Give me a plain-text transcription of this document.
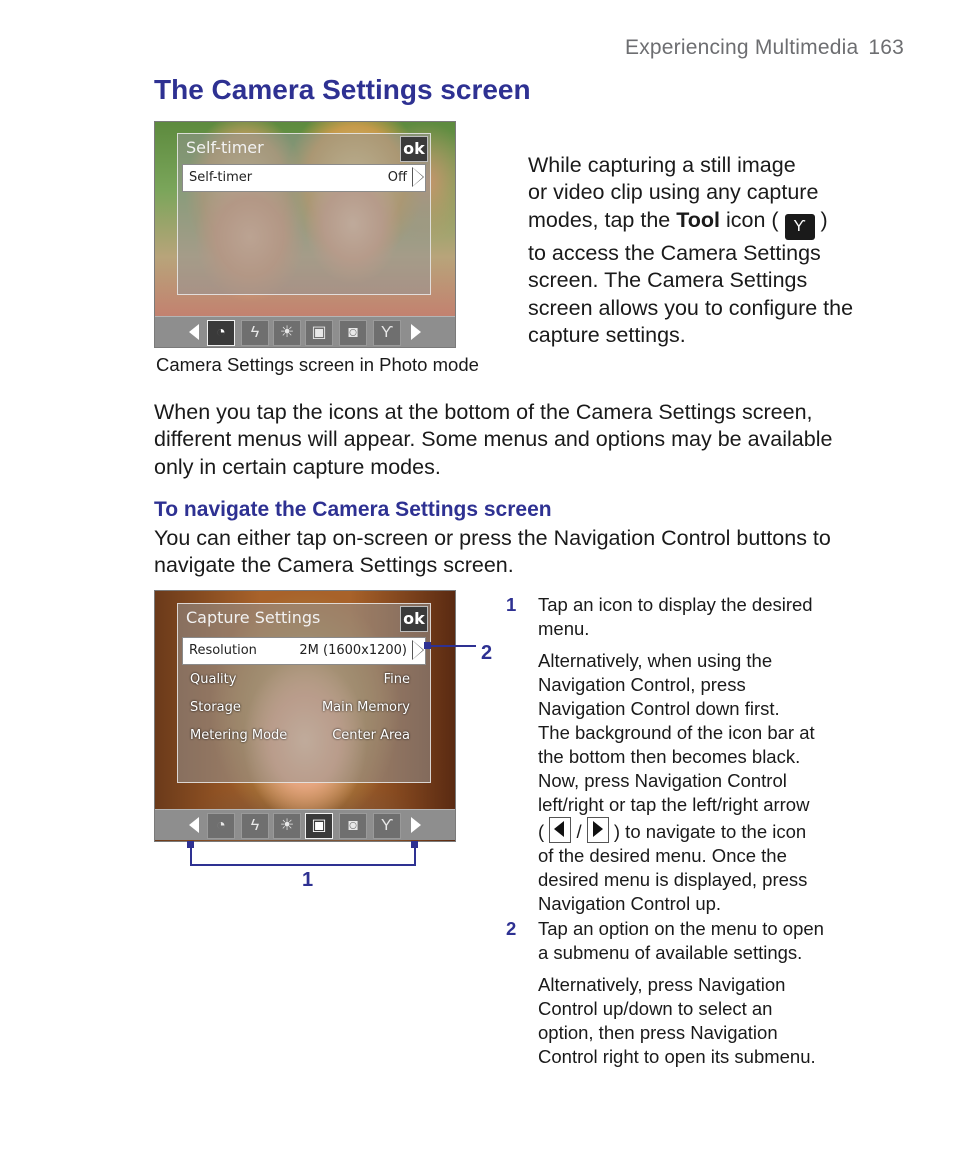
Experiencing Multimedia 163
The Camera Settings screen
Self-timer	ok
Self-timer	Off
◔	ϟ	☀	▣	◙	ϒ
Camera Settings screen in Photo mode
While capturing a still image
or video clip using any capture
modes, tap the Tool icon ( ϒ )
to access the Camera Settings
screen. The Camera Settings
screen allows you to configure the
capture settings.
When you tap the icons at the bottom of the Camera Settings screen,
different menus will appear. Some menus and options may be available
only in certain capture modes.
To navigate the Camera Settings screen
You can either tap on-screen or press the Navigation Control buttons to
navigate the Camera Settings screen.
Capture Settings	ok
Resolution	2M (1600x1200)
Quality	Fine
Storage	Main Memory
Metering Mode	Center Area
◔	ϟ	☀	▣	◙	ϒ
2
1
1 Tap an icon to display the desired
menu.
Alternatively, when using the
Navigation Control, press
Navigation Control down first.
The background of the icon bar at
the bottom then becomes black.
Now, press Navigation Control
left/right or tap the left/right arrow
( / ) to navigate to the icon
of the desired menu. Once the
desired menu is displayed, press
Navigation Control up.
2 Tap an option on the menu to open
a submenu of available settings.
Alternatively, press Navigation
Control up/down to select an
option, then press Navigation
Control right to open its submenu.
